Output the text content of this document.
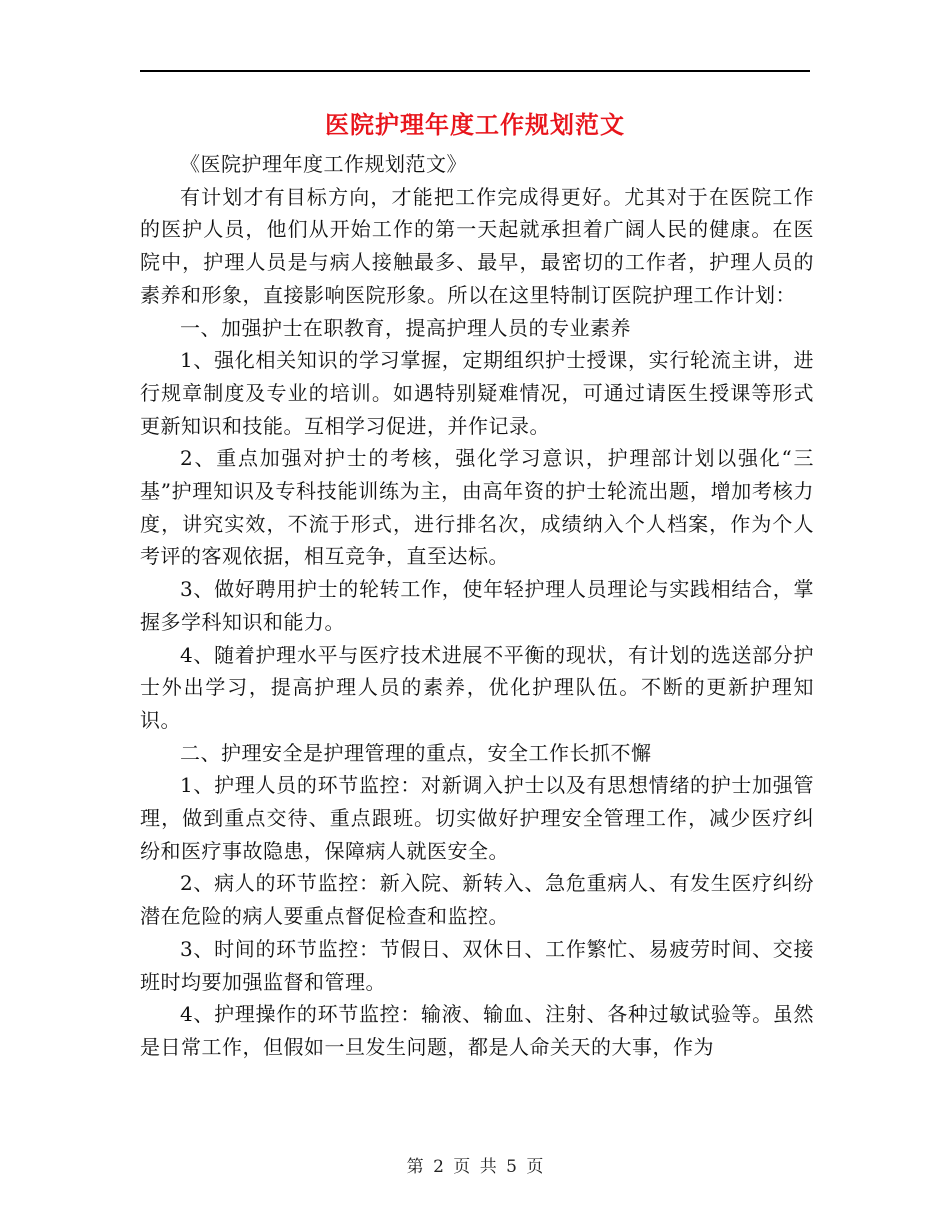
医院护理年度工作规划范文

《医院护理年度工作规划范文》

有计划才有目标方向，才能把工作完成得更好。尤其对于在医院工作的医护人员，他们从开始工作的第一天起就承担着广阔人民的健康。在医院中，护理人员是与病人接触最多、最早，最密切的工作者，护理人员的素养和形象，直接影响医院形象。所以在这里特制订医院护理工作计划：

一、加强护士在职教育，提高护理人员的专业素养

1、强化相关知识的学习掌握，定期组织护士授课，实行轮流主讲，进行规章制度及专业的培训。如遇特别疑难情况，可通过请医生授课等形式更新知识和技能。互相学习促进，并作记录。

2、重点加强对护士的考核，强化学习意识，护理部计划以强化“三基”护理知识及专科技能训练为主，由高年资的护士轮流出题，增加考核力度，讲究实效，不流于形式，进行排名次，成绩纳入个人档案，作为个人考评的客观依据，相互竞争，直至达标。

3、做好聘用护士的轮转工作，使年轻护理人员理论与实践相结合，掌握多学科知识和能力。

4、随着护理水平与医疗技术进展不平衡的现状，有计划的选送部分护士外出学习，提高护理人员的素养，优化护理队伍。不断的更新护理知识。

二、护理安全是护理管理的重点，安全工作长抓不懈

1、护理人员的环节监控：对新调入护士以及有思想情绪的护士加强管理，做到重点交待、重点跟班。切实做好护理安全管理工作，减少医疗纠纷和医疗事故隐患，保障病人就医安全。

2、病人的环节监控：新入院、新转入、急危重病人、有发生医疗纠纷潜在危险的病人要重点督促检查和监控。

3、时间的环节监控：节假日、双休日、工作繁忙、易疲劳时间、交接班时均要加强监督和管理。

4、护理操作的环节监控：输液、输血、注射、各种过敏试验等。虽然是日常工作，但假如一旦发生问题，都是人命关天的大事，作为

第 2 页 共 5 页
